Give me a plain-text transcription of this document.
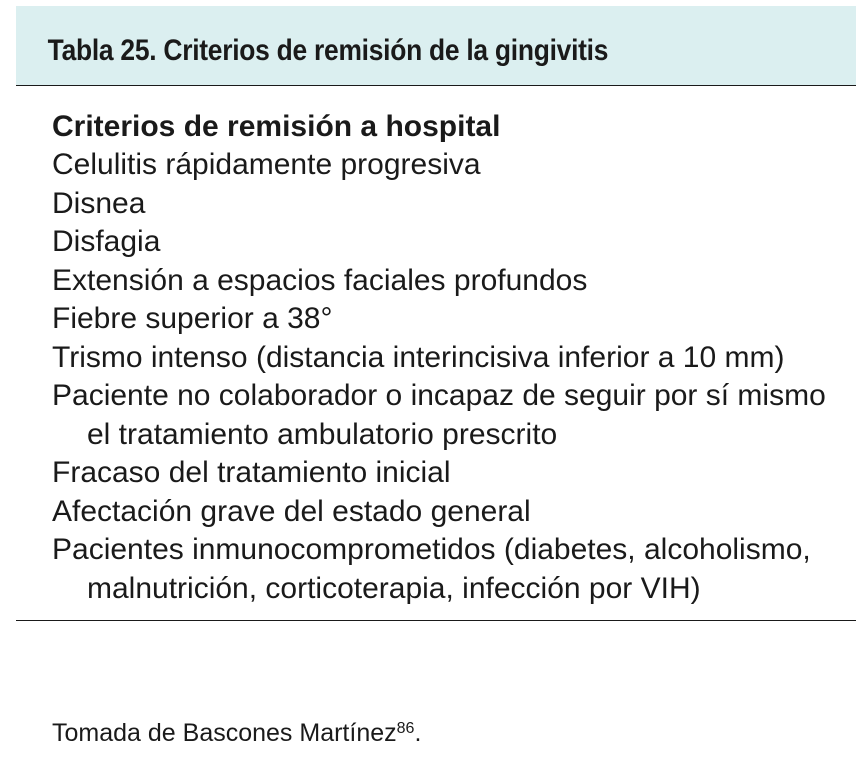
Tabla 25. Criterios de remisión de la gingivitis

Criterios de remisión a hospital

Celulitis rápidamente progresiva
Disnea
Disfagia
Extensión a espacios faciales profundos
Fiebre superior a 38°
Trismo intenso (distancia interincisiva inferior a 10 mm)
Paciente no colaborador o incapaz de seguir por sí mismo el tratamiento ambulatorio prescrito
Fracaso del tratamiento inicial
Afectación grave del estado general
Pacientes inmunocomprometidos (diabetes, alcoholismo, malnutrición, corticoterapia, infección por VIH)
Tomada de Bascones Martínez$^{86}$.
